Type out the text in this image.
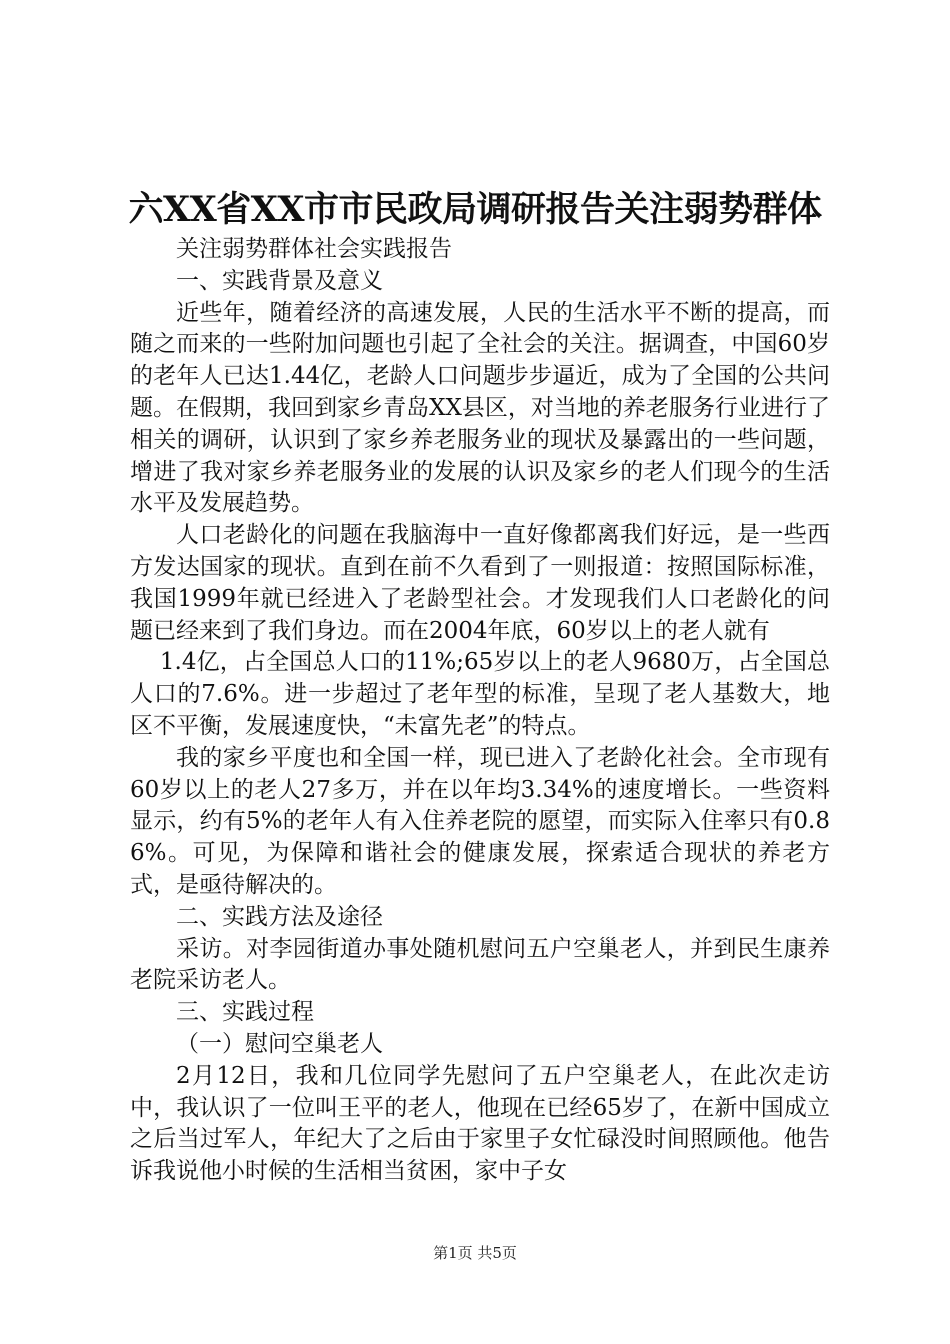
六XX省XX市市民政局调研报告关注弱势群体

关注弱势群体社会实践报告

一、实践背景及意义

近些年，随着经济的高速发展，人民的生活水平不断的提高，而随之而来的一些附加问题也引起了全社会的关注。据调查，中国60岁的老年人已达1.44亿，老龄人口问题步步逼近，成为了全国的公共问题。在假期，我回到家乡青岛XX县区，对当地的养老服务行业进行了相关的调研，认识到了家乡养老服务业的现状及暴露出的一些问题，增进了我对家乡养老服务业的发展的认识及家乡的老人们现今的生活水平及发展趋势。

人口老龄化的问题在我脑海中一直好像都离我们好远，是一些西方发达国家的现状。直到在前不久看到了一则报道：按照国际标准，我国1999年就已经进入了老龄型社会。才发现我们人口老龄化的问题已经来到了我们身边。而在2004年底，60岁以上的老人就有

1.4亿，占全国总人口的11%;65岁以上的老人9680万，占全国总人口的7.6%。进一步超过了老年型的标准，呈现了老人基数大，地区不平衡，发展速度快，“未富先老”的特点。

我的家乡平度也和全国一样，现已进入了老龄化社会。全市现有60岁以上的老人27多万，并在以年均3.34%的速度增长。一些资料显示，约有5%的老年人有入住养老院的愿望，而实际入住率只有0.86%。可见，为保障和谐社会的健康发展，探索适合现状的养老方式，是亟待解决的。

二、实践方法及途径

采访。对李园街道办事处随机慰问五户空巢老人，并到民生康养老院采访老人。

三、实践过程

（一）慰问空巢老人

2月12日，我和几位同学先慰问了五户空巢老人，在此次走访中，我认识了一位叫王平的老人，他现在已经65岁了，在新中国成立之后当过军人，年纪大了之后由于家里子女忙碌没时间照顾他。他告诉我说他小时候的生活相当贫困，家中子女

第1页 共5页
